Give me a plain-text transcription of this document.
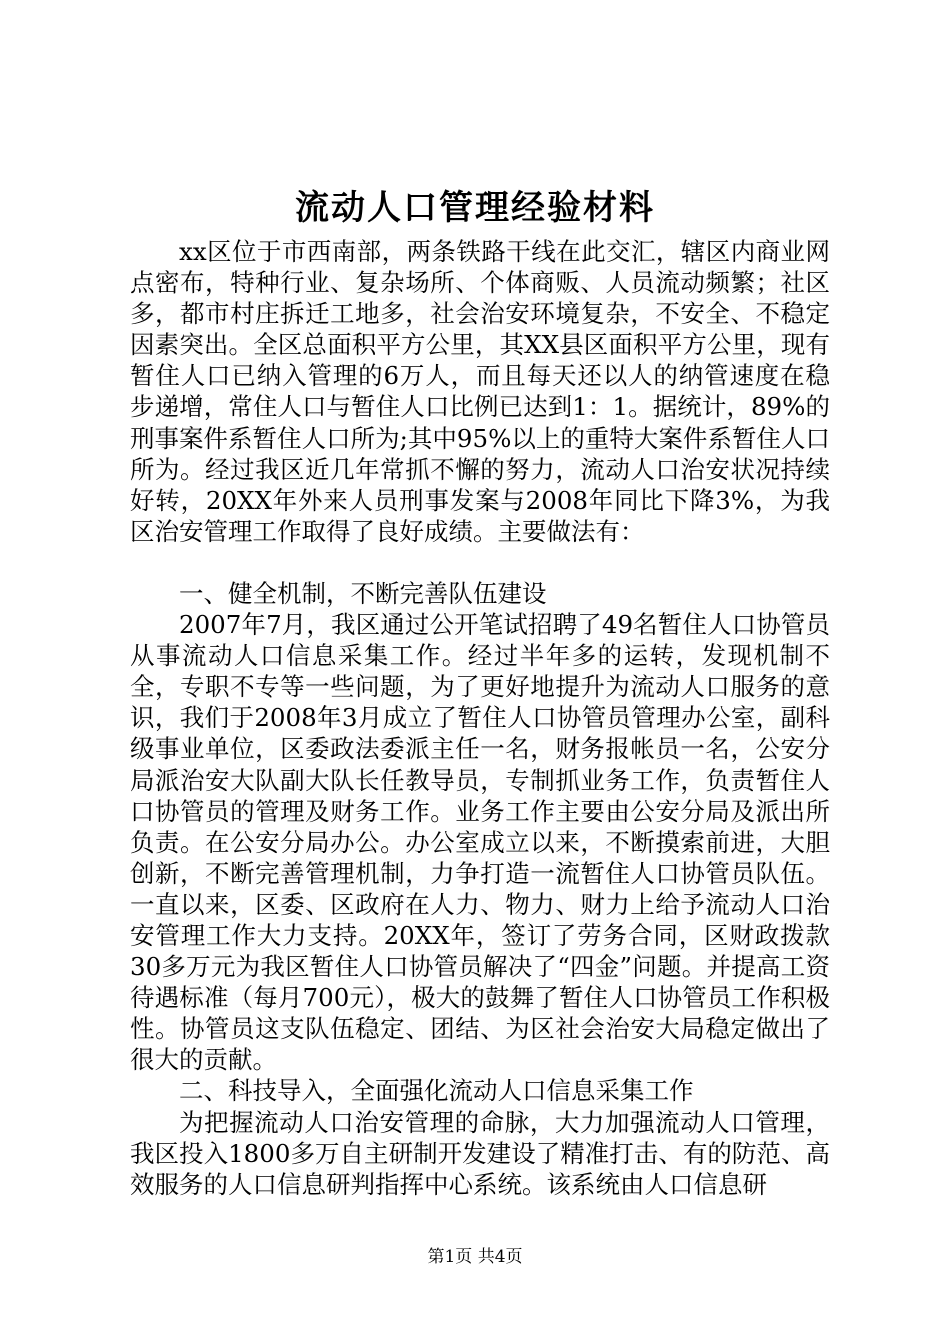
流动人口管理经验材料

xx区位于市西南部，两条铁路干线在此交汇，辖区内商业网点密布，特种行业、复杂场所、个体商贩、人员流动频繁；社区多，都市村庄拆迁工地多，社会治安环境复杂，不安全、不稳定因素突出。全区总面积平方公里，其XX县区面积平方公里，现有暂住人口已纳入管理的6万人，而且每天还以人的纳管速度在稳步递增，常住人口与暂住人口比例已达到1：1。据统计，89%的刑事案件系暂住人口所为;其中95%以上的重特大案件系暂住人口所为。经过我区近几年常抓不懈的努力，流动人口治安状况持续好转，20XX年外来人员刑事发案与2008年同比下降3%，为我区治安管理工作取得了良好成绩。主要做法有：

一、健全机制，不断完善队伍建设

2007年7月，我区通过公开笔试招聘了49名暂住人口协管员从事流动人口信息采集工作。经过半年多的运转，发现机制不全，专职不专等一些问题，为了更好地提升为流动人口服务的意识，我们于2008年3月成立了暂住人口协管员管理办公室，副科级事业单位，区委政法委派主任一名，财务报帐员一名，公安分局派治安大队副大队长任教导员，专制抓业务工作，负责暂住人口协管员的管理及财务工作。业务工作主要由公安分局及派出所负责。在公安分局办公。办公室成立以来，不断摸索前进，大胆创新，不断完善管理机制，力争打造一流暂住人口协管员队伍。一直以来，区委、区政府在人力、物力、财力上给予流动人口治安管理工作大力支持。20XX年，签订了劳务合同，区财政拨款30多万元为我区暂住人口协管员解决了“四金”问题。并提高工资待遇标准（每月700元），极大的鼓舞了暂住人口协管员工作积极性。协管员这支队伍稳定、团结、为区社会治安大局稳定做出了很大的贡献。

二、科技导入，全面强化流动人口信息采集工作

为把握流动人口治安管理的命脉，大力加强流动人口管理，我区投入1800多万自主研制开发建设了精准打击、有的防范、高效服务的人口信息研判指挥中心系统。该系统由人口信息研

第1页 共4页
